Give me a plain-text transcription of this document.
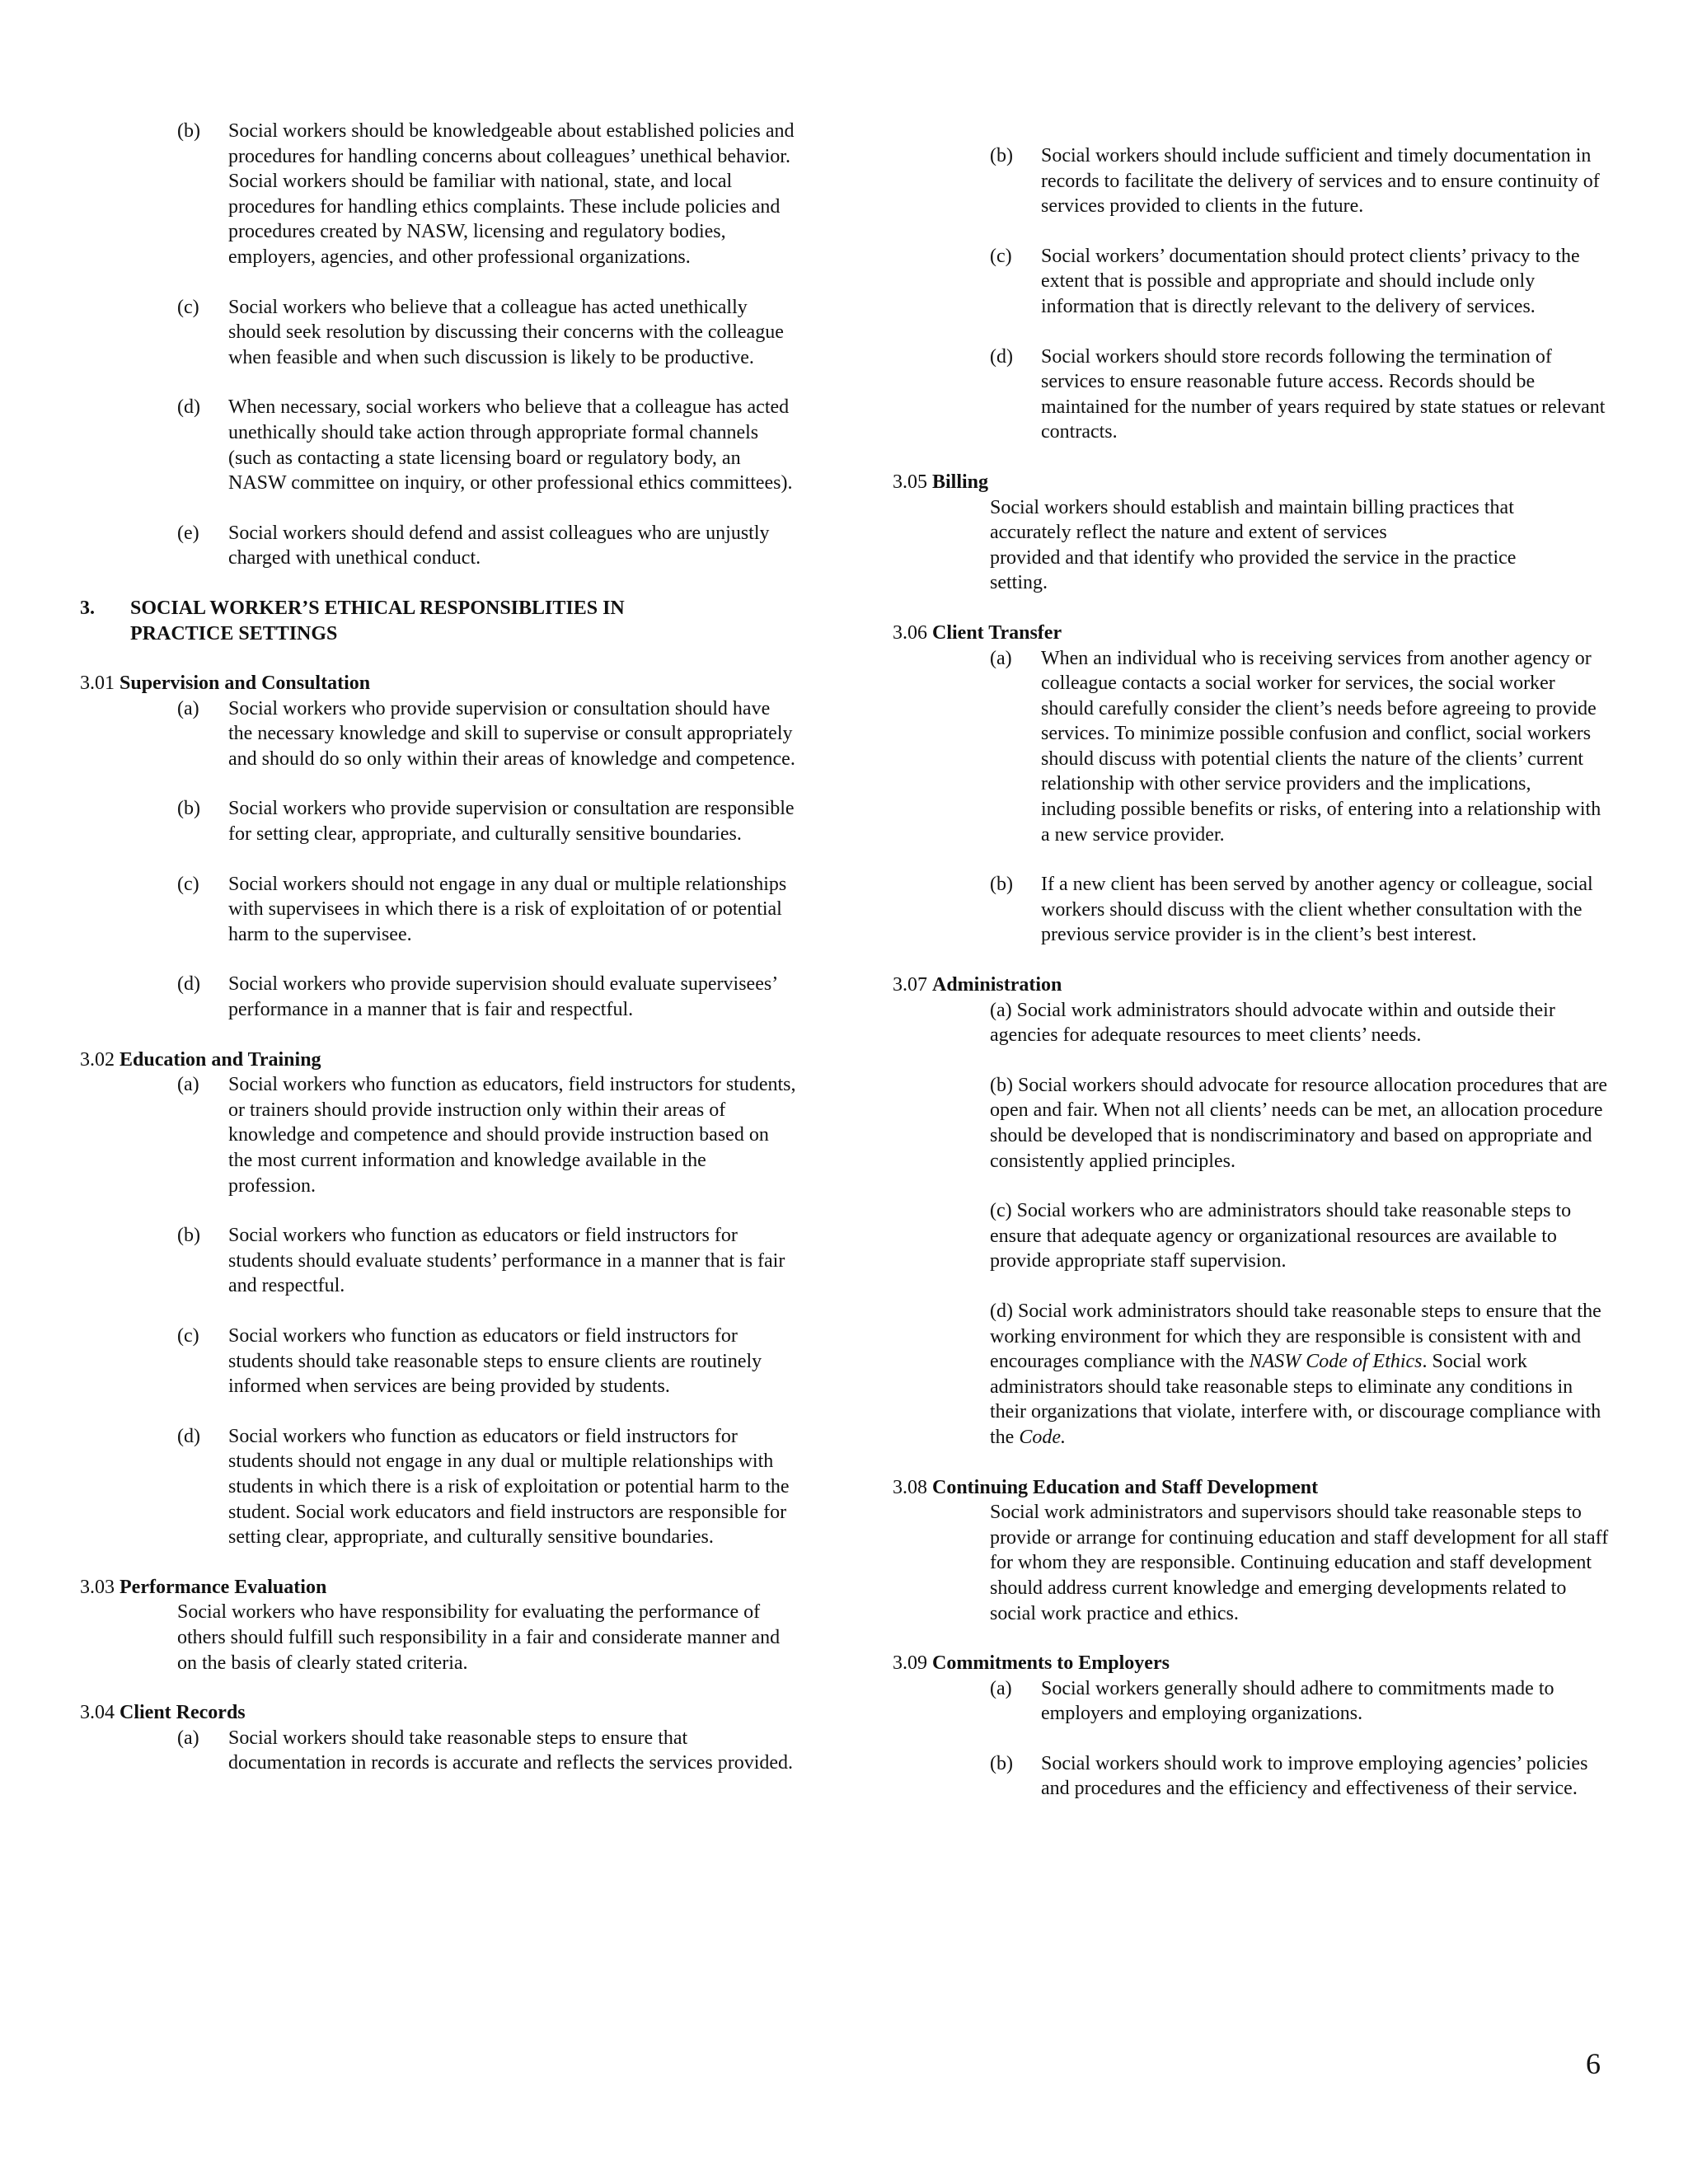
(b)	Social workers should be knowledgeable about established policies and procedures for handling concerns about colleagues’ unethical behavior. Social workers should be familiar with national, state, and local procedures for handling ethics complaints. These include policies and procedures created by NASW, licensing and regulatory bodies, employers, agencies, and other professional organizations.

(c)	Social workers who believe that a colleague has acted unethically should seek resolution by discussing their concerns with the colleague when feasible and when such discussion is likely to be productive.

(d)	When necessary, social workers who believe that a colleague has acted unethically should take action through appropriate formal channels (such as contacting a state licensing board or regulatory body, an NASW committee on inquiry, or other professional ethics committees).

(e)	Social workers should defend and assist colleagues who are unjustly charged with unethical conduct.

3.	SOCIAL WORKER’S ETHICAL RESPONSIBLITIES IN PRACTICE SETTINGS

3.01 Supervision and Consultation

(a)	Social workers who provide supervision or consultation should have the necessary knowledge and skill to supervise or consult appropriately and should do so only within their areas of knowledge and competence.

(b)	Social workers who provide supervision or consultation are responsible for setting clear, appropriate, and culturally sensitive boundaries.

(c)	Social workers should not engage in any dual or multiple relationships with supervisees in which there is a risk of exploitation of or potential harm to the supervisee.

(d)	Social workers who provide supervision should evaluate supervisees’ performance in a manner that is fair and respectful.

3.02 Education and Training

(a)	Social workers who function as educators, field instructors for students, or trainers should provide instruction only within their areas of knowledge and competence and should provide instruction based on the most current information and knowledge available in the profession.

(b)	Social workers who function as educators or field instructors for students should evaluate students’ performance in a manner that is fair and respectful.

(c)	Social workers who function as educators or field instructors for students should take reasonable steps to ensure clients are routinely informed when services are being provided by students.

(d)	Social workers who function as educators or field instructors for students should not engage in any dual or multiple relationships with students in which there is a risk of exploitation or potential harm to the student. Social work educators and field instructors are responsible for setting clear, appropriate, and culturally sensitive boundaries.

3.03 Performance Evaluation

Social workers who have responsibility for evaluating the performance of others should fulfill such responsibility in a fair and considerate manner and on the basis of clearly stated criteria.

3.04 Client Records

(a)	Social workers should take reasonable steps to ensure that documentation in records is accurate and reflects the services provided.

(b)	Social workers should include sufficient and timely documentation in records to facilitate the delivery of services and to ensure continuity of services provided to clients in the future.

(c)	Social workers’ documentation should protect clients’ privacy to the extent that is possible and appropriate and should include only information that is directly relevant to the delivery of services.

(d)	Social workers should store records following the termination of services to ensure reasonable future access. Records should be maintained for the number of years required by state statues or relevant contracts.

3.05 Billing

Social workers should establish and maintain billing practices that

accurately reflect the nature and extent of services

provided and that identify who provided the service in the practice

setting.

3.06 Client Transfer

(a)	When an individual who is receiving services from another agency or colleague contacts a social worker for services, the social worker should carefully consider the client’s needs before agreeing to provide services. To minimize possible confusion and conflict, social workers should discuss with potential clients the nature of the clients’ current relationship with other service providers and the implications, including possible benefits or risks, of entering into a relationship with a new service provider.

(b)	If a new client has been served by another agency or colleague, social workers should discuss with the client whether consultation with the previous service provider is in the client’s best interest.

3.07 Administration

(a) Social work administrators should advocate within and outside their agencies for adequate resources to meet clients’ needs.

(b) Social workers should advocate for resource allocation procedures that are open and fair. When not all clients’ needs can be met, an allocation procedure should be developed that is nondiscriminatory and based on appropriate and consistently applied principles.

(c) Social workers who are administrators should take reasonable steps to ensure that adequate agency or organizational resources are available to provide appropriate staff supervision.

(d) Social work administrators should take reasonable steps to ensure that the working environment for which they are responsible is consistent with and encourages compliance with the NASW Code of Ethics. Social work administrators should take reasonable steps to eliminate any conditions in their organizations that violate, interfere with, or discourage compliance with the Code.

3.08 Continuing Education and Staff Development

Social work administrators and supervisors should take reasonable steps to provide or arrange for continuing education and staff development for all staff for whom they are responsible. Continuing education and staff development should address current knowledge and emerging developments related to social work practice and ethics.

3.09 Commitments to Employers

(a)	Social workers generally should adhere to commitments made to employers and employing organizations.

(b)	Social workers should work to improve employing agencies’ policies and procedures and the efficiency and effectiveness of their service.

6
